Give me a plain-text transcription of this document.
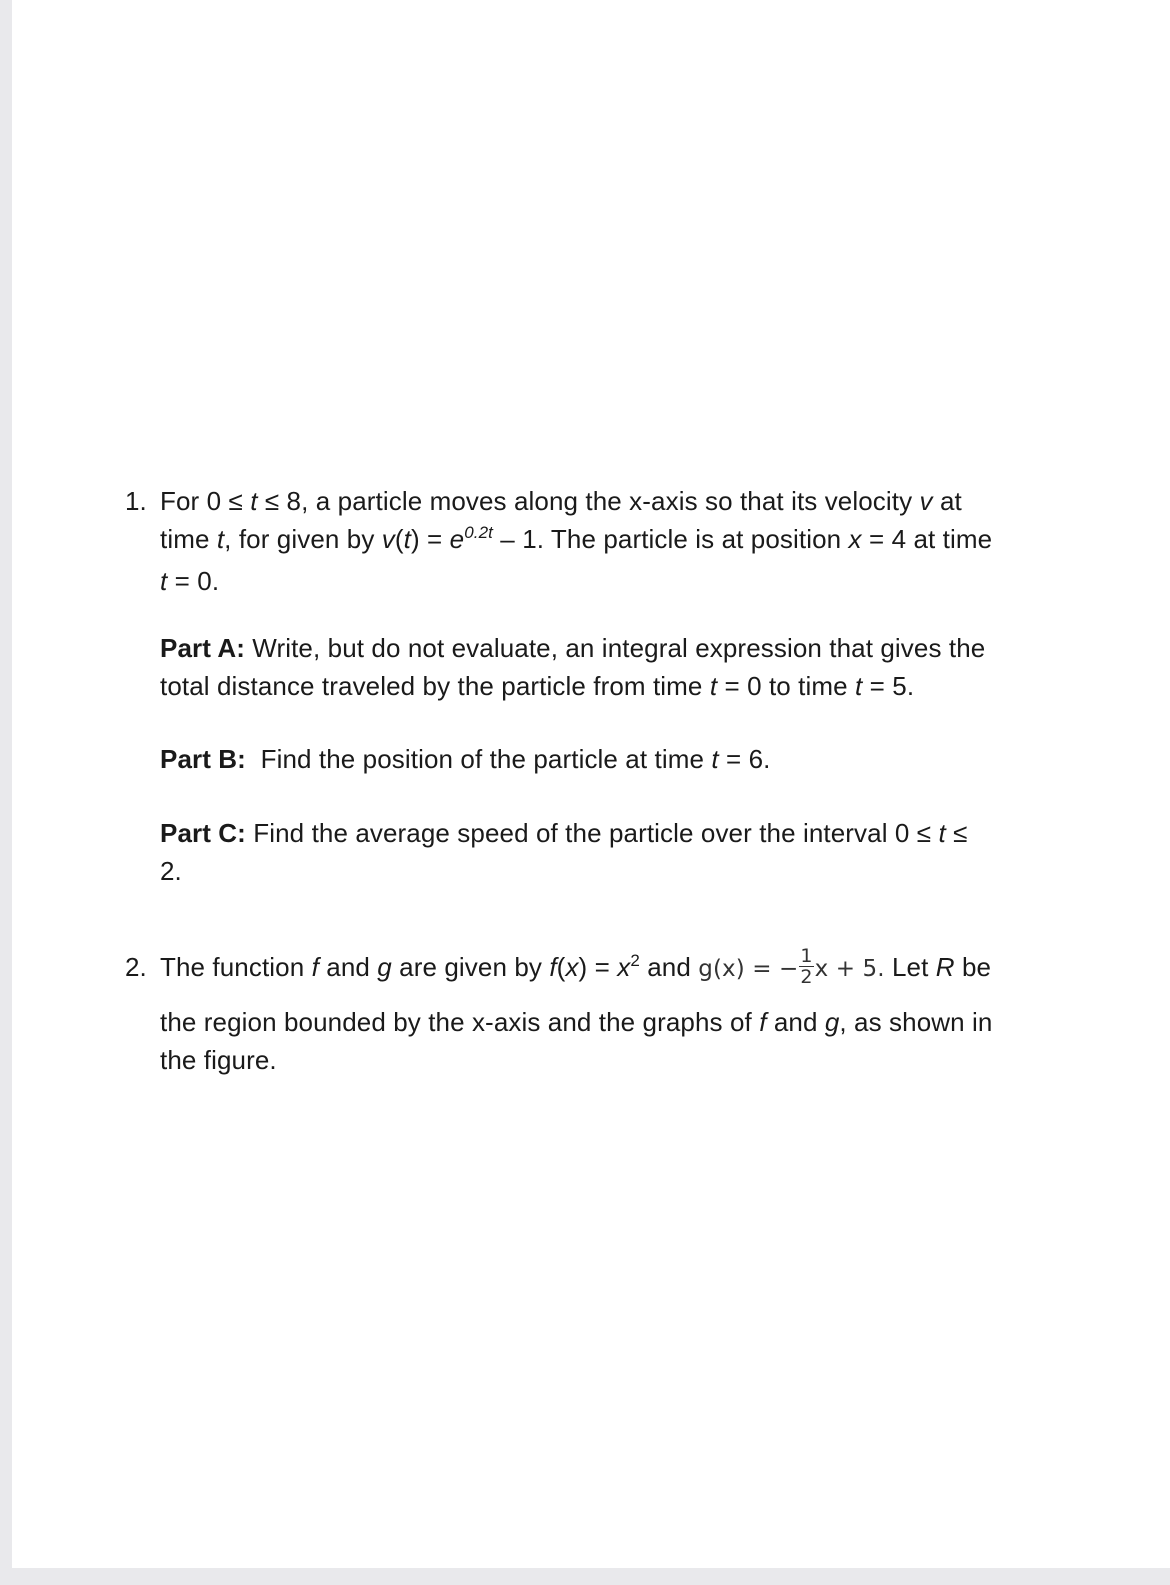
1. For 0 ≤ t ≤ 8, a particle moves along the x-axis so that its velocity v at
time t, for given by $v(t) = e^{0.2t} - 1$. The particle is at position x = 4 at time
t = 0.
Part A: Write, but do not evaluate, an integral expression that gives the
total distance traveled by the particle from time t = 0 to time t = 5.
Part B:  Find the position of the particle at time t = 6.
Part C: Find the average speed of the particle over the interval 0 ≤ t ≤
2.
2. The function f and g are given by $f(x) = x^2$ and g(x) = − $\frac{1}{2}$ x + 5. Let R be
the region bounded by the x-axis and the graphs of f and g, as shown in
the figure.
